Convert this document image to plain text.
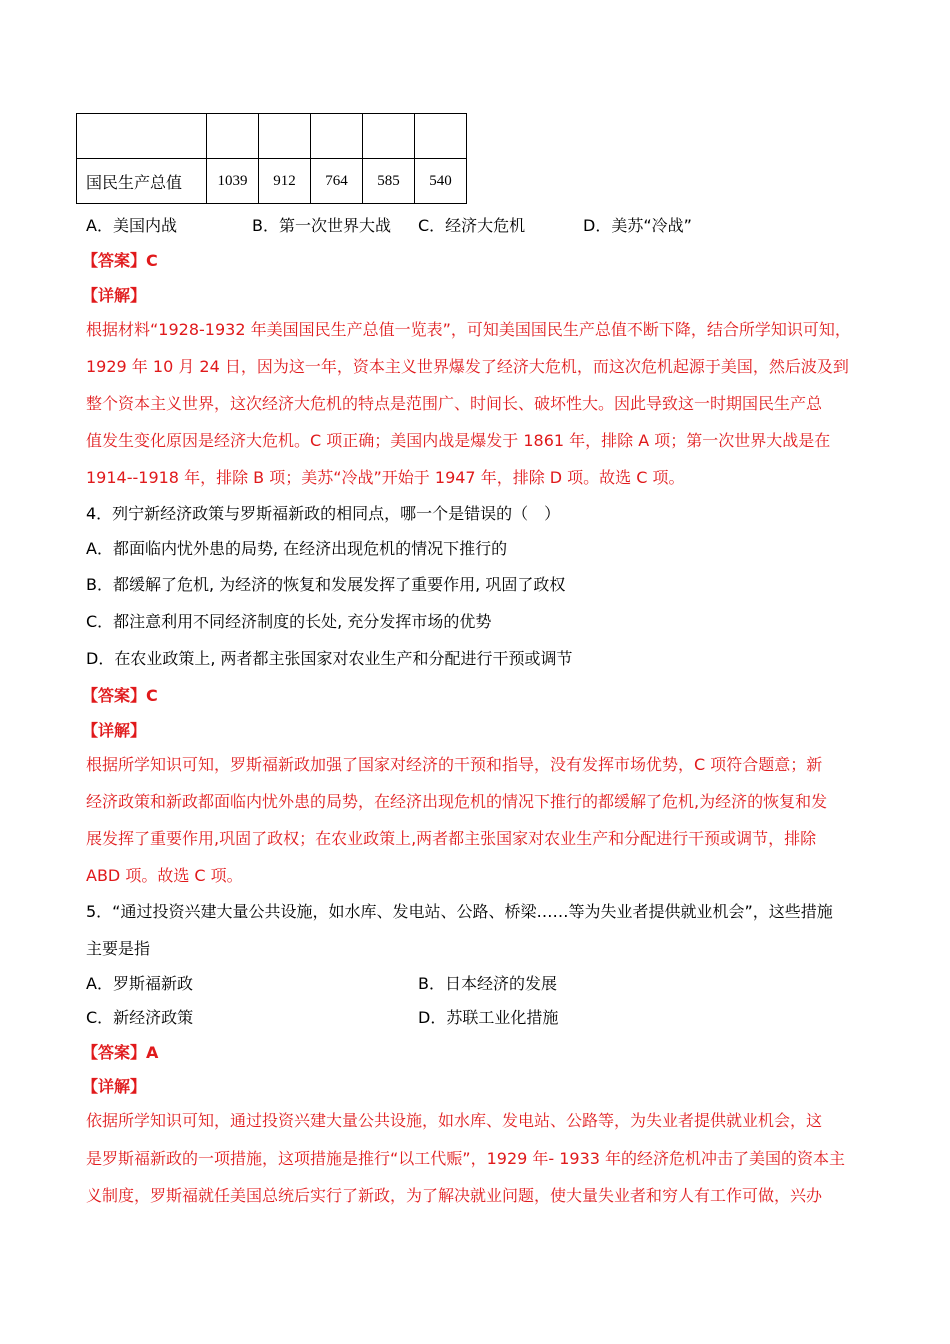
国民生产总值	1039	912	764	585	540
A．美国内战	B．第一次世界大战 C．经济大危机	D．美苏“冷战”
【答案】C
【详解】
根据材料“1928-1932 年美国国民生产总值一览表”，可知美国国民生产总值不断下降，结合所学知识可知，
1929 年 10 月 24 日，因为这一年，资本主义世界爆发了经济大危机，而这次危机起源于美国，然后波及到
整个资本主义世界，这次经济大危机的特点是范围广、时间长、破坏性大。因此导致这一时期国民生产总
值发生变化原因是经济大危机。C 项正确；美国内战是爆发于 1861 年，排除 A 项；第一次世界大战是在
1914--1918 年，排除 B 项；美苏“冷战”开始于 1947 年，排除 D 项。故选 C 项。
4．列宁新经济政策与罗斯福新政的相同点，哪一个是错误的（　）
A．都面临内忧外患的局势, 在经济出现危机的情况下推行的
B．都缓解了危机, 为经济的恢复和发展发挥了重要作用, 巩固了政权
C．都注意利用不同经济制度的长处, 充分发挥市场的优势
D．在农业政策上, 两者都主张国家对农业生产和分配进行干预或调节
【答案】C
【详解】
根据所学知识可知，罗斯福新政加强了国家对经济的干预和指导，没有发挥市场优势，C 项符合题意；新
经济政策和新政都面临内忧外患的局势，在经济出现危机的情况下推行的都缓解了危机,为经济的恢复和发
展发挥了重要作用,巩固了政权；在农业政策上,两者都主张国家对农业生产和分配进行干预或调节，排除
ABD 项。故选 C 项。
5．“通过投资兴建大量公共设施，如水库、发电站、公路、桥梁……等为失业者提供就业机会”，这些措施
主要是指
A．罗斯福新政	B．日本经济的发展
C．新经济政策	D．苏联工业化措施
【答案】A
【详解】
依据所学知识可知，通过投资兴建大量公共设施，如水库、发电站、公路等，为失业者提供就业机会，这
是罗斯福新政的一项措施，这项措施是推行“以工代赈”，1929 年- 1933 年的经济危机冲击了美国的资本主
义制度，罗斯福就任美国总统后实行了新政，为了解决就业问题，使大量失业者和穷人有工作可做，兴办
